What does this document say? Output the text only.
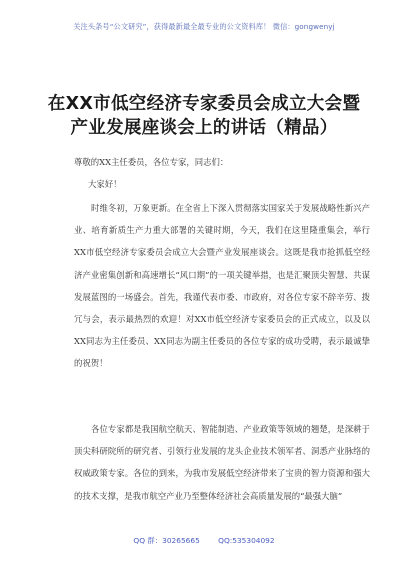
关注头条号“公文研究”，获得最新最全最专业的公文资料库！ 微信：gongwenyj
在XX市低空经济专家委员会成立大会暨
产业发展座谈会上的讲话（精品）
尊敬的XX主任委员，各位专家，同志们：
大家好！
时维冬初，万象更新。在全省上下深入贯彻落实国家关于发展战略性新兴产业、培育新质生产力重大部署的关键时期，今天，我们在这里隆重集会，举行XX市低空经济专家委员会成立大会暨产业发展座谈会。这既是我市抢抓低空经济产业密集创新和高速增长“风口期”的一项关键举措，也是汇聚顶尖智慧、共谋发展蓝图的一场盛会。首先，我谨代表市委、市政府，对各位专家不辞辛劳、拨冗与会，表示最热烈的欢迎！对XX市低空经济专家委员会的正式成立，以及以XX同志为主任委员、XX同志为副主任委员的各位专家的成功受聘，表示最诚挚的祝贺！
各位专家都是我国航空航天、智能制造、产业政策等领域的翘楚，是深耕于顶尖科研院所的研究者、引领行业发展的龙头企业技术领军者、洞悉产业脉络的权威政策专家。各位的到来，为我市发展低空经济带来了宝贵的智力资源和强大的技术支撑，是我市航空产业乃至整体经济社会高质量发展的“最强大脑”
QQ 群：30265665 QQ:535304092
